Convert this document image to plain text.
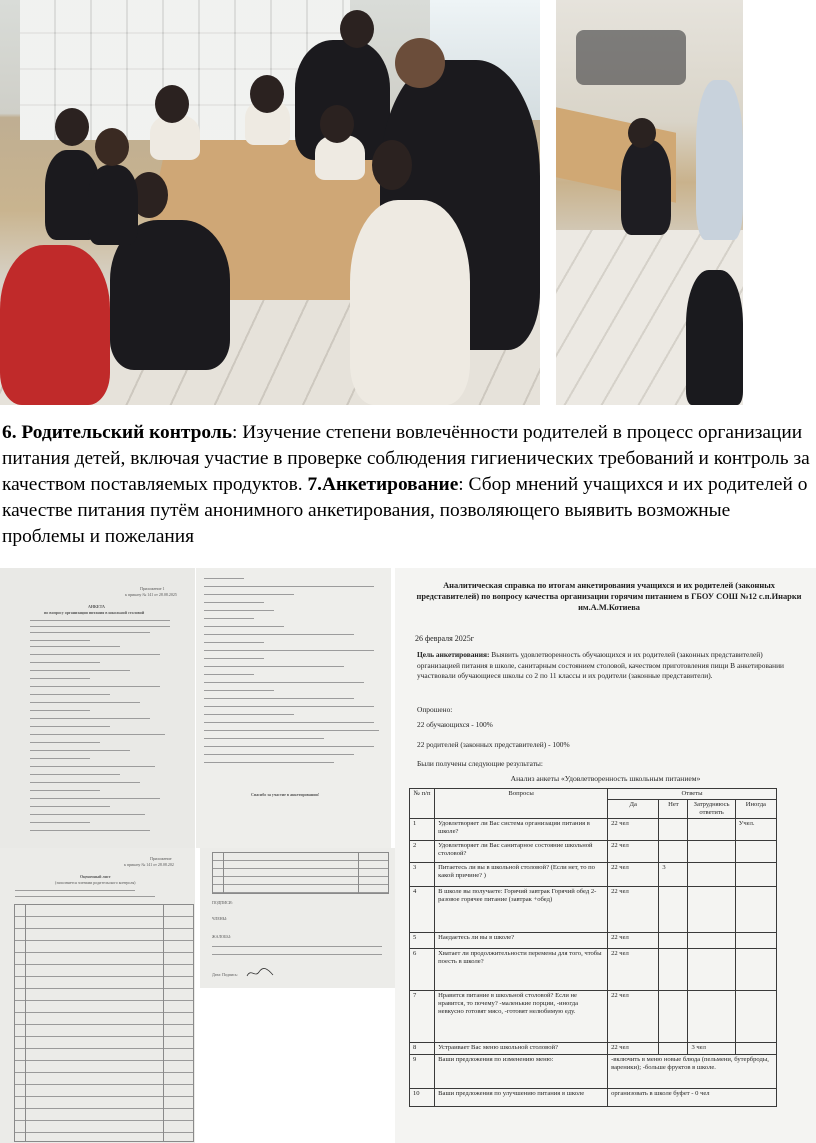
6. Родительский контроль: Изучение степени вовлечённости родителей в процесс организации питания детей, включая участие в проверке соблюдения гигиенических требований и контроль за качеством поставляемых продуктов. 7.Анкетирование: Сбор мнений учащихся и их родителей о качестве питания путём анонимного анкетирования, позволяющего выявить возможные проблемы и пожелания
Приложение 1
к приказу № 141 от 28.08.2025
АНКЕТА
по вопросу организации питания в школьной столовой
Спасибо за участие в анкетировании!
Приложение
к приказу № 141 от 28.08.202
Оценочный лист
(заполняется членами родительского контроля)
ПОДПИСИ:
ЧЛЕНЫ:
ЖАЛОБЫ:
Дата: Подпись:
Аналитическая справка по итогам анкетирования учащихся и их родителей (законных представителей) по вопросу качества организации горячим питанием в ГБОУ СОШ №12 с.п.Инарки им.А.М.Котиева
26 февраля 2025г
Цель анкетирования: Выявить удовлетворенность обучающихся и их родителей (законных представителей) организацией питания в школе, санитарным состоянием столовой, качеством приготовления пищи В анкетировании участвовали обучающиеся школы со 2 по 11 классы и их родители (законные представители).
Опрошено:
22 обучающихся - 100%
22 родителей (законных представителей) - 100%
Были получены следующие результаты:
Анализ анкеты «Удовлетворенность школьным питанием»
№ п/п	Вопросы	Ответы			
		Да	Нет	Затрудняюсь ответить	Иногда
1	Удовлетворяет ли Вас система организации питания в школе?	22 чел			Учел.
2	Удовлетворяет ли Вас санитарное состояние школьной столовой?	22 чел			
3	Питаетесь ли вы в школьной столовой? (Если нет, то по какой причине? )	22 чел	3		
4	В школе вы получаете: Горячий завтрак Горячий обед 2-разовое горячее питание (завтрак +обед)	22 чел			
5	Наедаетесь ли вы в школе?	22 чел			
6	Хватает ли продолжительности перемены для того, чтобы поесть в школе?	22 чел			
7	Нравится питание в школьной столовой? Если не нравится, то почему? -маленькие порции, -иногда невкусно готовят мясо, -готовят нелюбимую еду.	22 чел			
8	Устраивает Вас меню школьной столовой?	22 чел		3 чел	
9	Ваши предложения по изменению меню:	-включить в меню новые блюда (пельмени, бутерброды, вареники); -больше фруктов в школе.			
10	Ваши предложения по улучшению питания в школе	организовать в школе буфет - 0 чел			
